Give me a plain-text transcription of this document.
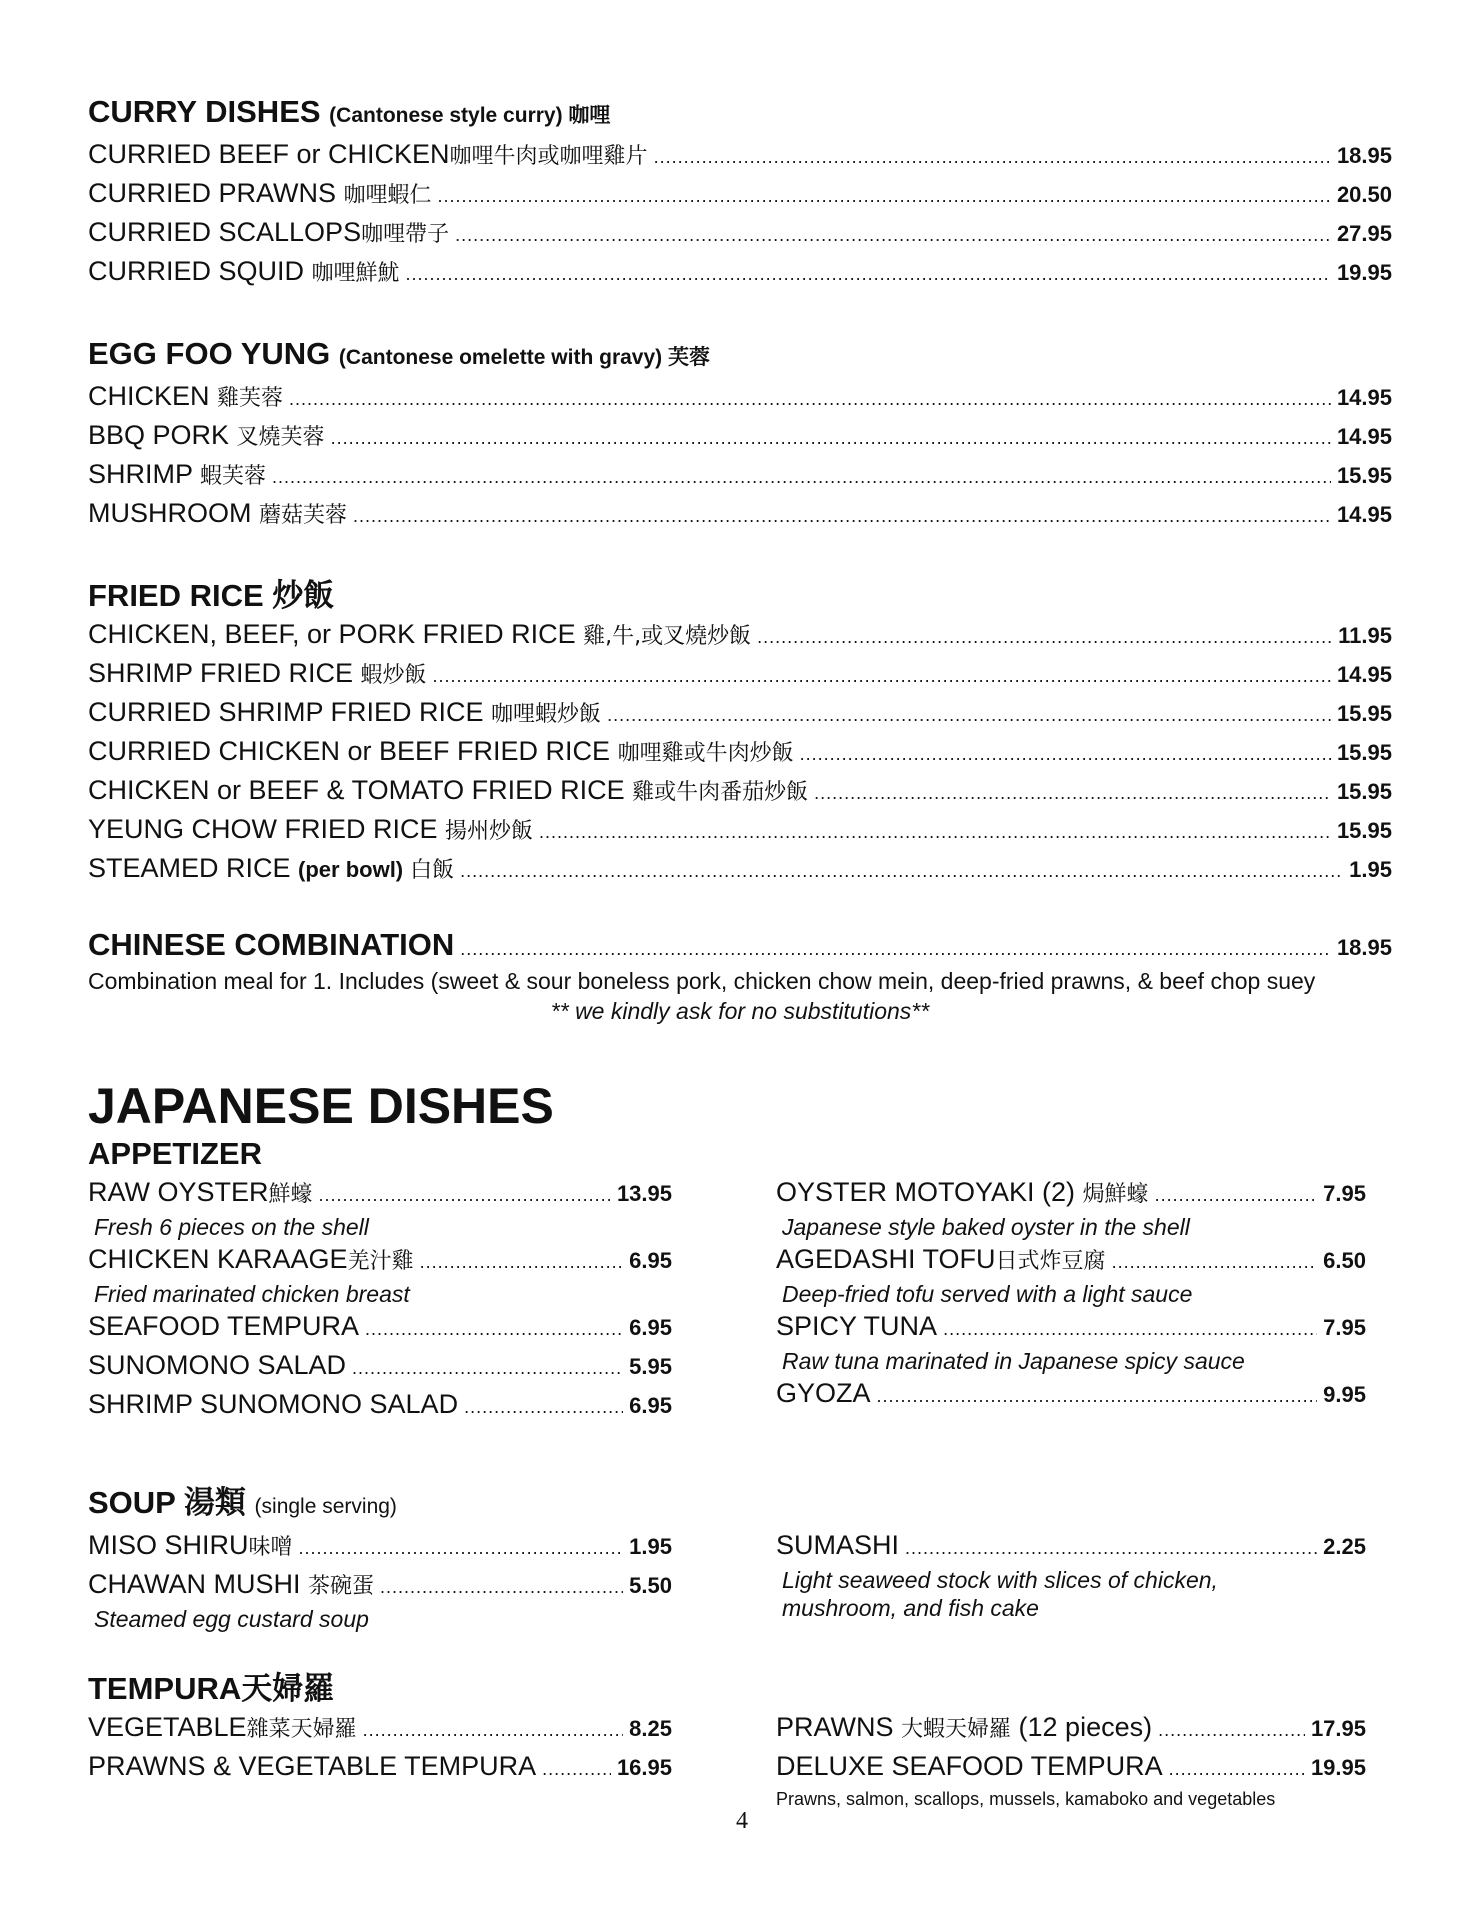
CURRY DISHES (Cantonese style curry) 咖哩
CURRIED BEEF or CHICKEN咖哩牛肉或咖哩雞片 .....	18.95
CURRIED PRAWNS 咖哩蝦仁 .....	20.50
CURRIED SCALLOPS咖哩帶子 .....	27.95
CURRIED SQUID 咖哩鮮魷 .....	19.95
EGG FOO YUNG (Cantonese omelette with gravy) 芙蓉
CHICKEN 雞芙蓉 .....	14.95
BBQ PORK 叉燒芙蓉 .....	14.95
SHRIMP 蝦芙蓉 .....	15.95
MUSHROOM 蘑菇芙蓉 .....	14.95
FRIED RICE 炒飯
CHICKEN, BEEF, or PORK FRIED RICE 雞,牛,或叉燒炒飯 .....	11.95
SHRIMP FRIED RICE 蝦炒飯 .....	14.95
CURRIED SHRIMP FRIED RICE 咖哩蝦炒飯 .....	15.95
CURRIED CHICKEN or BEEF FRIED RICE 咖哩雞或牛肉炒飯 .....	15.95
CHICKEN or BEEF & TOMATO FRIED RICE 雞或牛肉番茄炒飯 .....	15.95
YEUNG CHOW FRIED RICE 揚州炒飯 .....	15.95
STEAMED RICE (per bowl) 白飯 .....	1.95
CHINESE COMBINATION .....	18.95
Combination meal for 1. Includes (sweet & sour boneless pork, chicken chow mein, deep-fried prawns, & beef chop suey
** we kindly ask for no substitutions**
JAPANESE DISHES
APPETIZER
RAW OYSTER鮮蠔 .....	13.95
Fresh 6 pieces on the shell
CHICKEN KARAAGE羌汁雞 .....	6.95
Fried marinated chicken breast
SEAFOOD TEMPURA .....	6.95
SUNOMONO SALAD .....	5.95
SHRIMP SUNOMONO SALAD .....	6.95
OYSTER MOTOYAKI (2) 焗鮮蠔 .....	7.95
Japanese style baked oyster in the shell
AGEDASHI TOFU日式炸豆腐 .....	6.50
Deep-fried tofu served with a light sauce
SPICY TUNA .....	7.95
Raw tuna marinated in Japanese spicy sauce
GYOZA .....	9.95
SOUP 湯類 (single serving)
MISO SHIRU味噌 .....	1.95
CHAWAN MUSHI 茶碗蛋 .....	5.50
Steamed egg custard soup
SUMASHI .....	2.25
Light seaweed stock with slices of chicken, mushroom, and fish cake
TEMPURA天婦羅
VEGETABLE雜菜天婦羅 .....	8.25
PRAWNS & VEGETABLE TEMPURA .....	16.95
PRAWNS 大蝦天婦羅 (12 pieces) .....	17.95
DELUXE SEAFOOD TEMPURA .....	19.95
Prawns, salmon, scallops, mussels, kamaboko and vegetables
4
